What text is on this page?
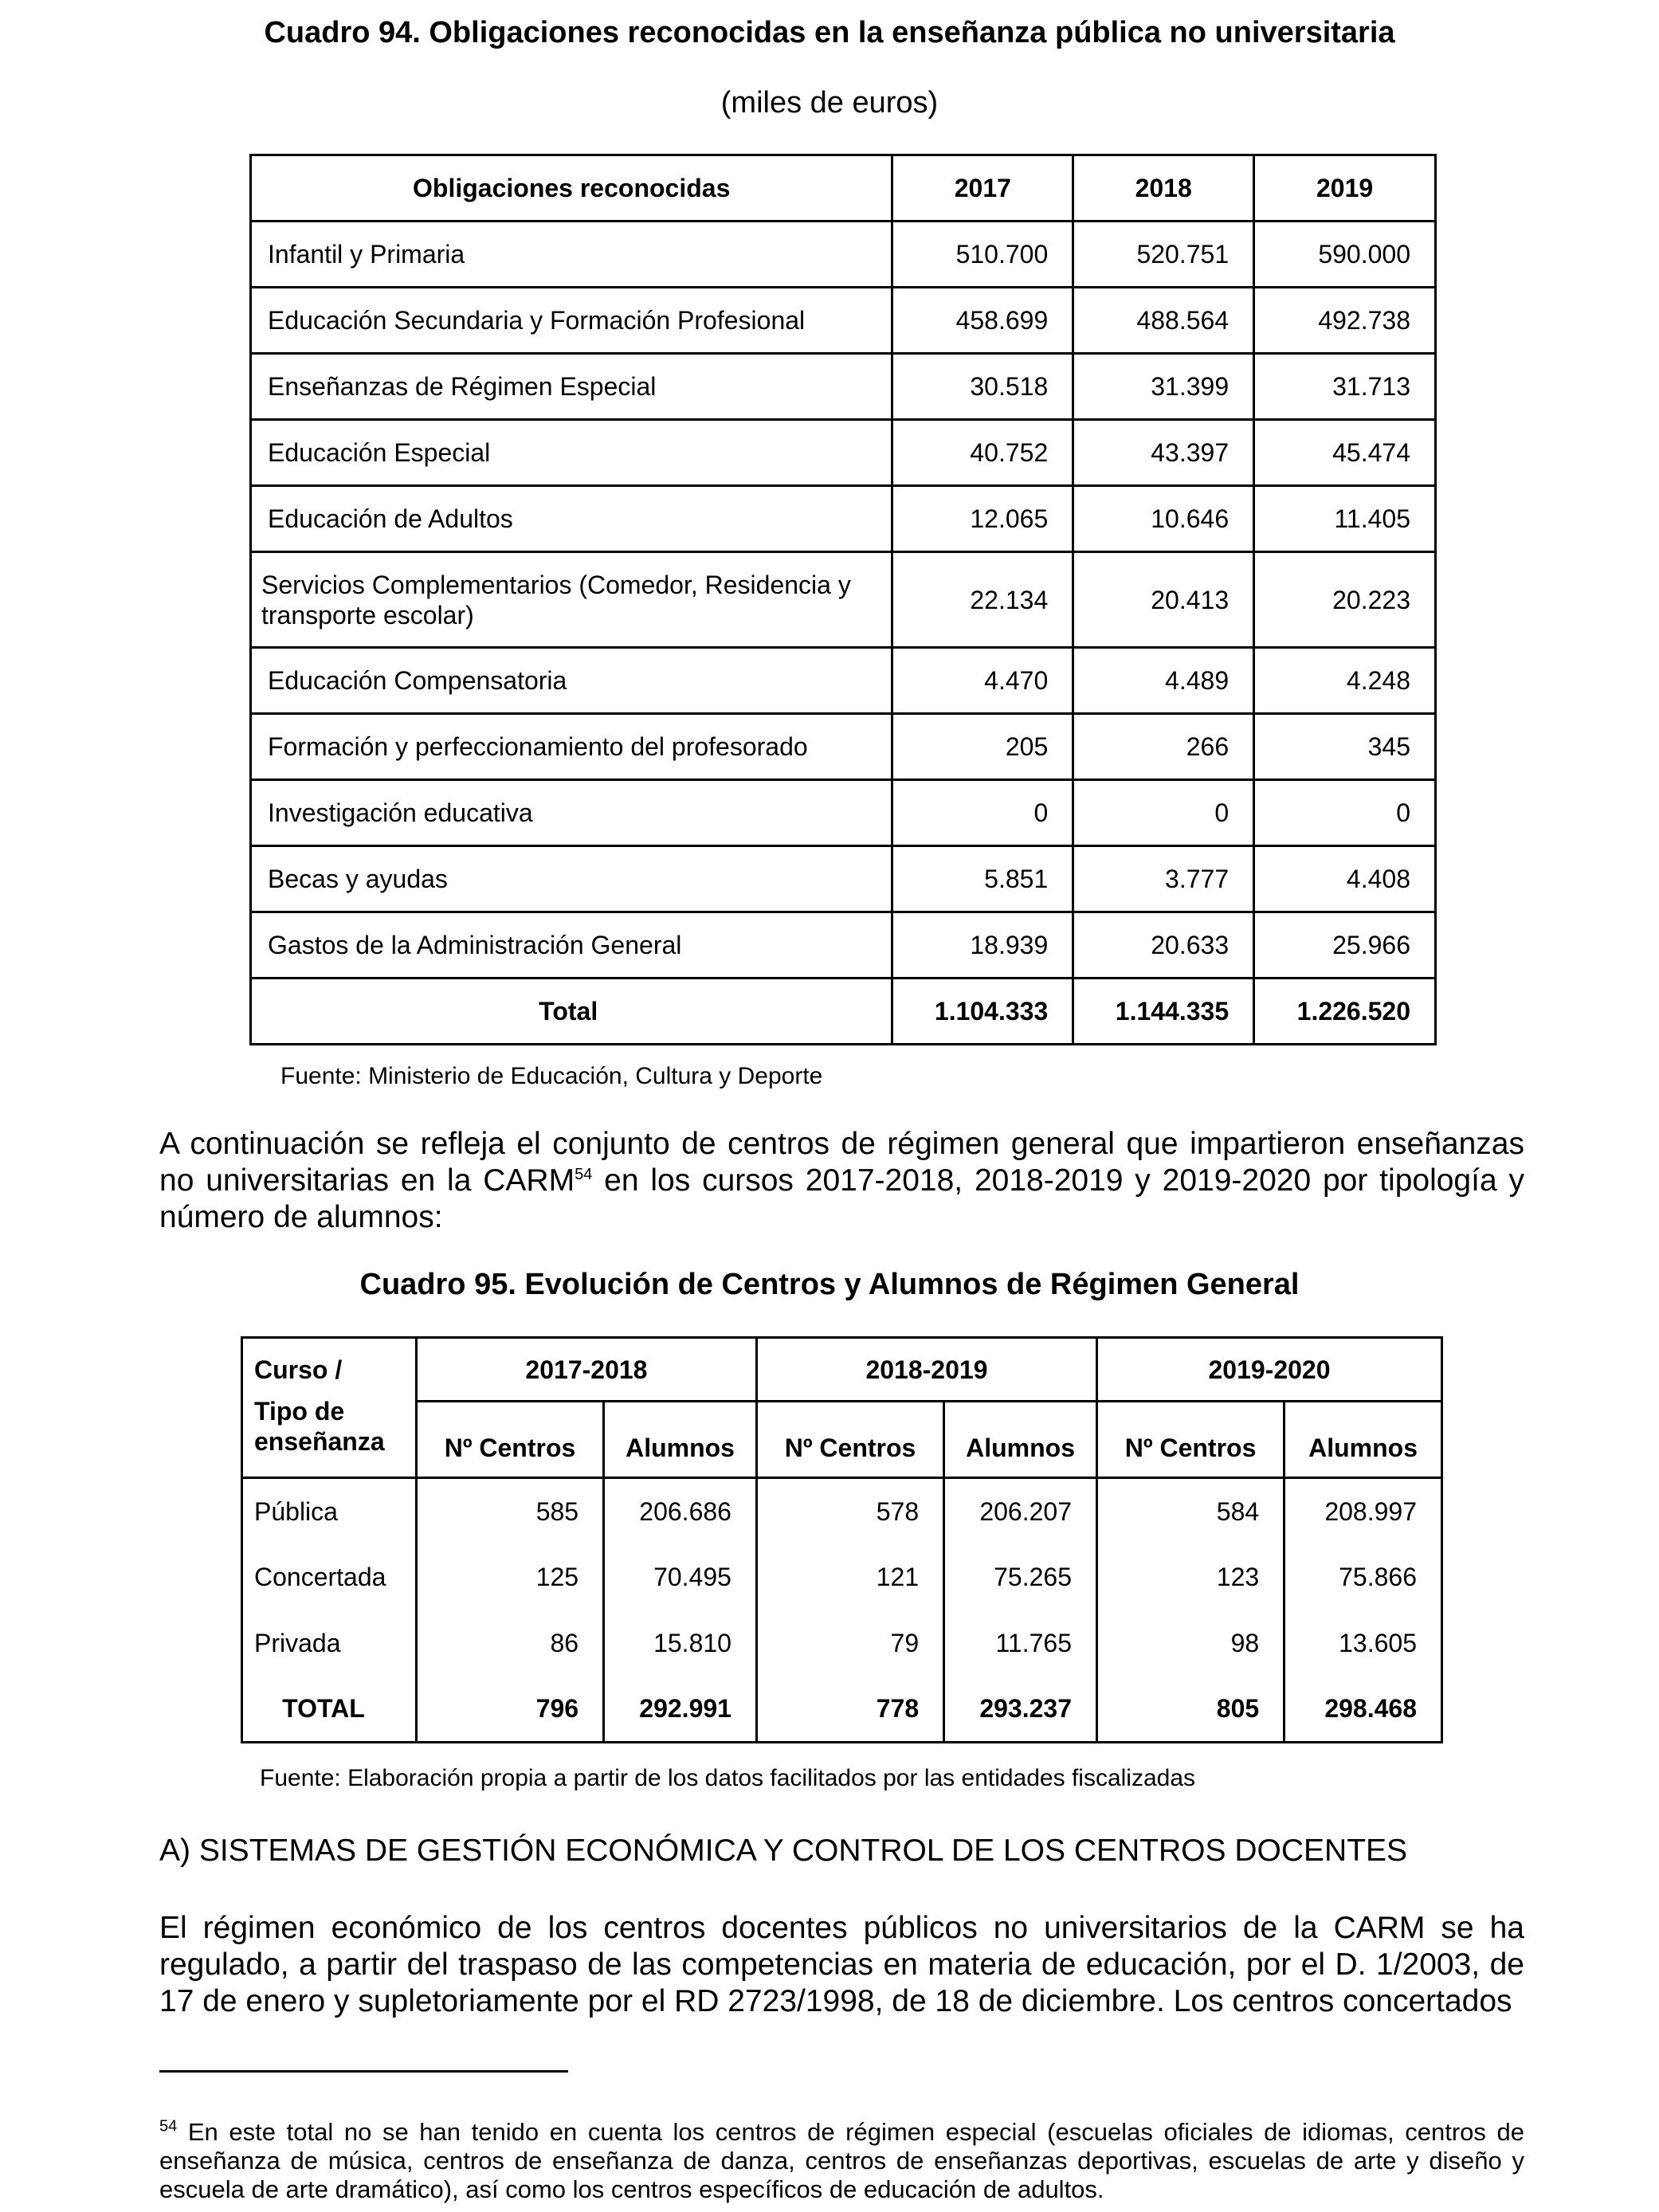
Cuadro 94. Obligaciones reconocidas en la enseñanza pública no universitaria
(miles de euros)
Obligaciones reconocidas	2017	2018	2019
Infantil y Primaria	510.700	520.751	590.000
Educación Secundaria y Formación Profesional	458.699	488.564	492.738
Enseñanzas de Régimen Especial	30.518	31.399	31.713
Educación Especial	40.752	43.397	45.474
Educación de Adultos	12.065	10.646	11.405
Servicios Complementarios (Comedor, Residencia y transporte escolar)	22.134	20.413	20.223
Educación Compensatoria	4.470	4.489	4.248
Formación y perfeccionamiento del profesorado	205	266	345
Investigación educativa	0	0	0
Becas y ayudas	5.851	3.777	4.408
Gastos de la Administración General	18.939	20.633	25.966
Total	1.104.333	1.144.335	1.226.520
Fuente: Ministerio de Educación, Cultura y Deporte
A continuación se refleja el conjunto de centros de régimen general que impartieron enseñanzas no universitarias en la CARM$^{54}$ en los cursos 2017-2018, 2018-2019 y 2019-2020 por tipología y número de alumnos:
Cuadro 95. Evolución de Centros y Alumnos de Régimen General
Curso /
Tipo de enseñanza	2017-2018		2018-2019		2019-2020	
	Nº Centros	Alumnos	Nº Centros	Alumnos	Nº Centros	Alumnos
Pública	585	206.686	578	206.207	584	208.997
Concertada	125	70.495	121	75.265	123	75.866
Privada	86	15.810	79	11.765	98	13.605
TOTAL	796	292.991	778	293.237	805	298.468
Fuente: Elaboración propia a partir de los datos facilitados por las entidades fiscalizadas
A) SISTEMAS DE GESTIÓN ECONÓMICA Y CONTROL DE LOS CENTROS DOCENTES
El régimen económico de los centros docentes públicos no universitarios de la CARM se ha regulado, a partir del traspaso de las competencias en materia de educación, por el D. 1/2003, de 17 de enero y supletoriamente por el RD 2723/1998, de 18 de diciembre. Los centros concertados
$^{54}$ En este total no se han tenido en cuenta los centros de régimen especial (escuelas oficiales de idiomas, centros de enseñanza de música, centros de enseñanza de danza, centros de enseñanzas deportivas, escuelas de arte y diseño y escuela de arte dramático), así como los centros específicos de educación de adultos.
